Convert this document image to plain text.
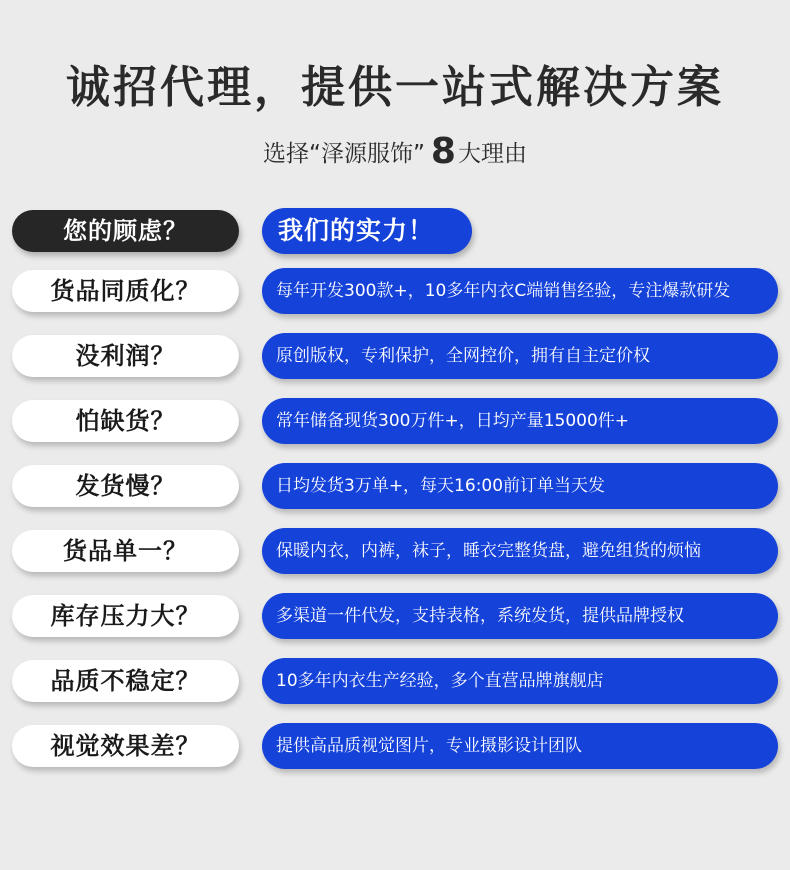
诚招代理，提供一站式解决方案
选择“泽源服饰” 8大理由
您的顾虑？	我们的实力！
货品同质化？	每年开发300款+，10多年内衣C端销售经验，专注爆款研发
没利润？	原创版权，专利保护，全网控价，拥有自主定价权
怕缺货？	常年储备现货300万件+，日均产量15000件+
发货慢？	日均发货3万单+，每天16:00前订单当天发
货品单一？	保暖内衣，内裤，袜子，睡衣完整货盘，避免组货的烦恼
库存压力大？	多渠道一件代发，支持表格，系统发货，提供品牌授权
品质不稳定？	10多年内衣生产经验，多个直营品牌旗舰店
视觉效果差？	提供高品质视觉图片，专业摄影设计团队
